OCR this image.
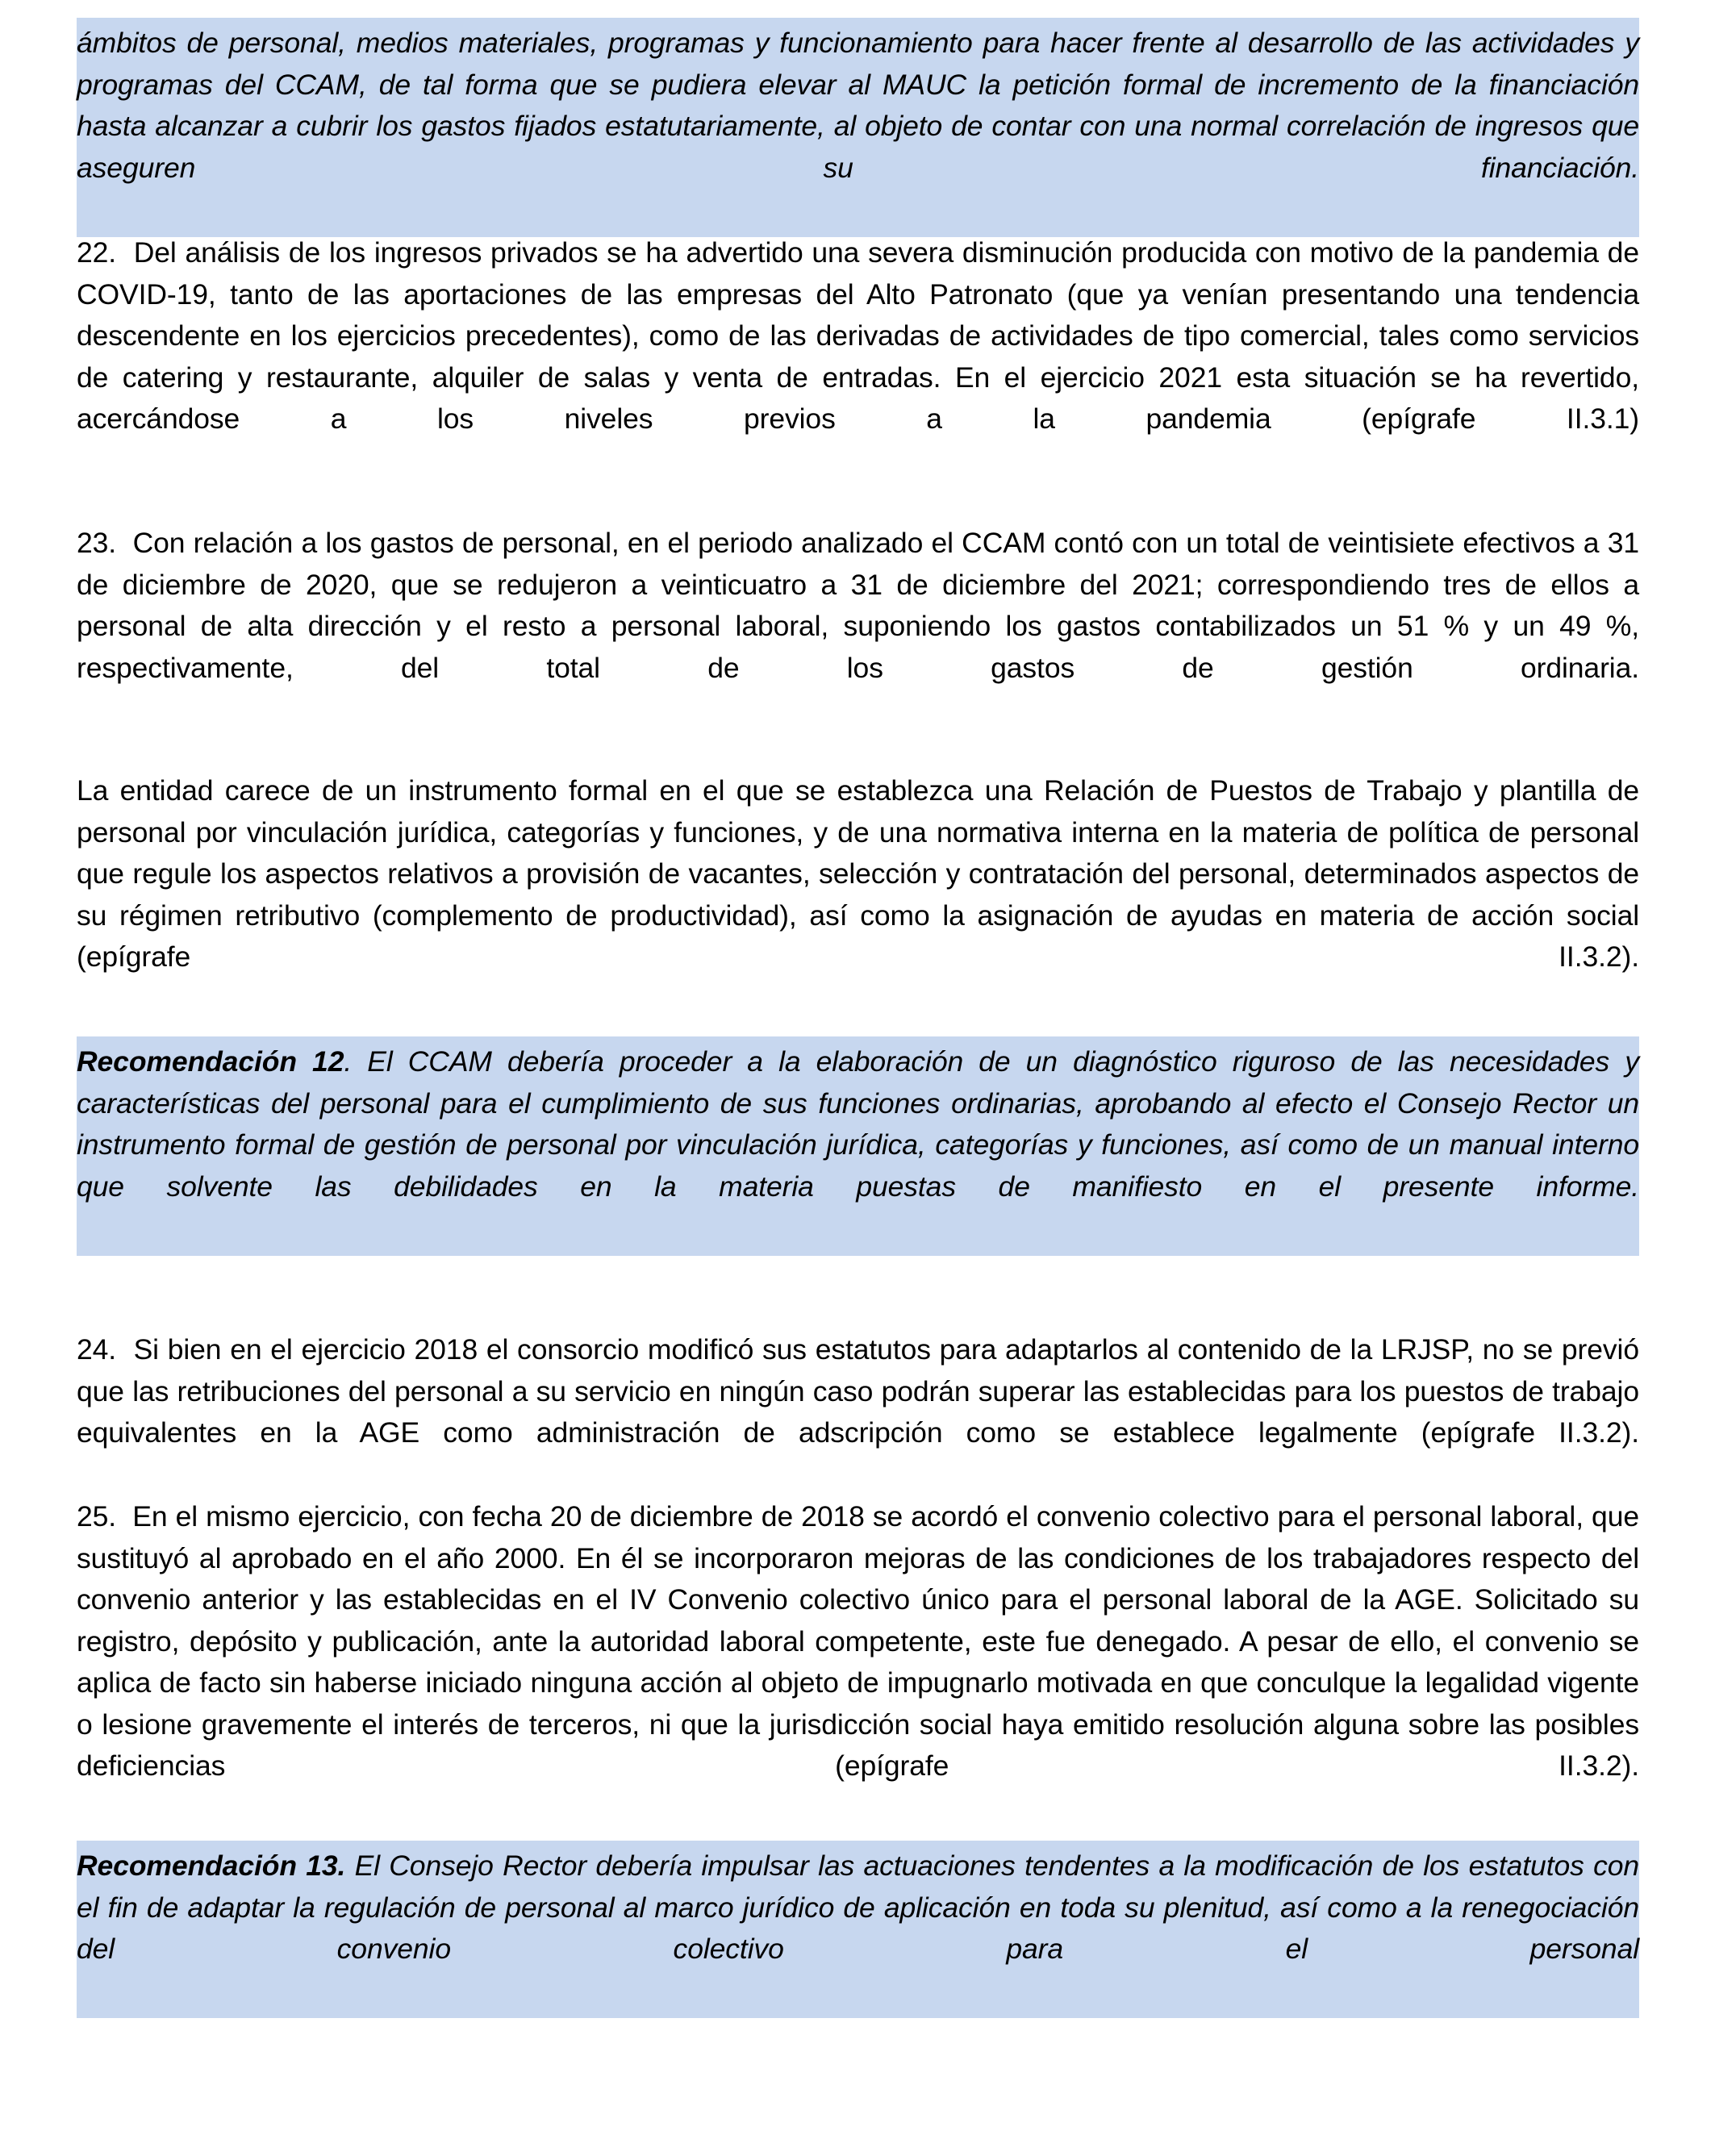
ámbitos de personal, medios materiales, programas y funcionamiento para hacer frente al desarrollo de las actividades y programas del CCAM, de tal forma que se pudiera elevar al MAUC la petición formal de incremento de la financiación hasta alcanzar a cubrir los gastos fijados estatutariamente, al objeto de contar con una normal correlación de ingresos que aseguren su financiación.

22. Del análisis de los ingresos privados se ha advertido una severa disminución producida con motivo de la pandemia de COVID-19, tanto de las aportaciones de las empresas del Alto Patronato (que ya venían presentando una tendencia descendente en los ejercicios precedentes), como de las derivadas de actividades de tipo comercial, tales como servicios de catering y restaurante, alquiler de salas y venta de entradas. En el ejercicio 2021 esta situación se ha revertido, acercándose a los niveles previos a la pandemia (epígrafe II.3.1)

23. Con relación a los gastos de personal, en el periodo analizado el CCAM contó con un total de veintisiete efectivos a 31 de diciembre de 2020, que se redujeron a veinticuatro a 31 de diciembre del 2021; correspondiendo tres de ellos a personal de alta dirección y el resto a personal laboral, suponiendo los gastos contabilizados un 51 % y un 49 %, respectivamente, del total de los gastos de gestión ordinaria.

La entidad carece de un instrumento formal en el que se establezca una Relación de Puestos de Trabajo y plantilla de personal por vinculación jurídica, categorías y funciones, y de una normativa interna en la materia de política de personal que regule los aspectos relativos a provisión de vacantes, selección y contratación del personal, determinados aspectos de su régimen retributivo (complemento de productividad), así como la asignación de ayudas en materia de acción social (epígrafe II.3.2).

Recomendación 12. El CCAM debería proceder a la elaboración de un diagnóstico riguroso de las necesidades y características del personal para el cumplimiento de sus funciones ordinarias, aprobando al efecto el Consejo Rector un instrumento formal de gestión de personal por vinculación jurídica, categorías y funciones, así como de un manual interno que solvente las debilidades en la materia puestas de manifiesto en el presente informe.

24. Si bien en el ejercicio 2018 el consorcio modificó sus estatutos para adaptarlos al contenido de la LRJSP, no se previó que las retribuciones del personal a su servicio en ningún caso podrán superar las establecidas para los puestos de trabajo equivalentes en la AGE como administración de adscripción como se establece legalmente (epígrafe II.3.2).

25. En el mismo ejercicio, con fecha 20 de diciembre de 2018 se acordó el convenio colectivo para el personal laboral, que sustituyó al aprobado en el año 2000. En él se incorporaron mejoras de las condiciones de los trabajadores respecto del convenio anterior y las establecidas en el IV Convenio colectivo único para el personal laboral de la AGE. Solicitado su registro, depósito y publicación, ante la autoridad laboral competente, este fue denegado. A pesar de ello, el convenio se aplica de facto sin haberse iniciado ninguna acción al objeto de impugnarlo motivada en que conculque la legalidad vigente o lesione gravemente el interés de terceros, ni que la jurisdicción social haya emitido resolución alguna sobre las posibles deficiencias (epígrafe II.3.2).

Recomendación 13. El Consejo Rector debería impulsar las actuaciones tendentes a la modificación de los estatutos con el fin de adaptar la regulación de personal al marco jurídico de aplicación en toda su plenitud, así como a la renegociación del convenio colectivo para el personal
